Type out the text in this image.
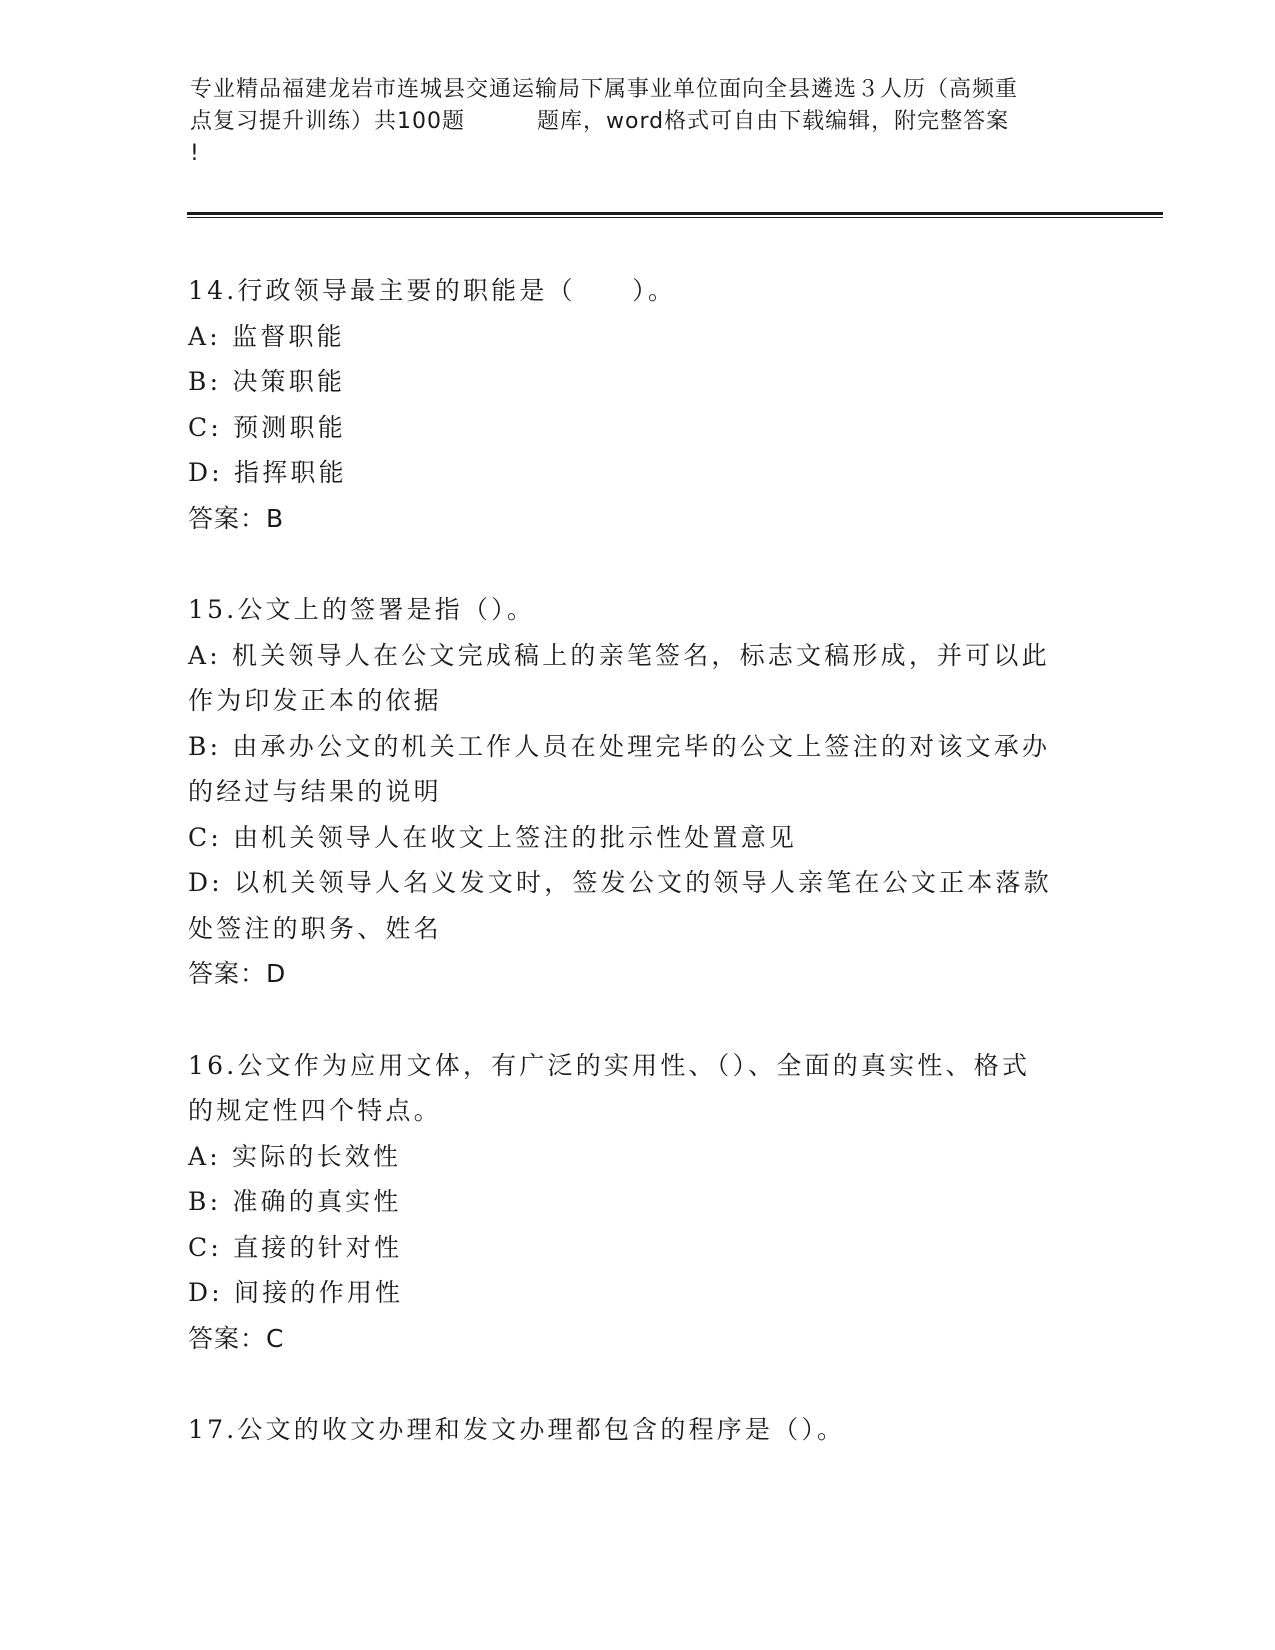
专业精品福建龙岩市连城县交通运输局下属事业单位面向全县遴选３人历（高频重
点复习提升训练）共100题	题库，word格式可自由下载编辑，附完整答案
!
14.行政领导最主要的职能是（　　）。
A: 监督职能
B: 决策职能
C: 预测职能
D: 指挥职能
答案：B
15.公文上的签署是指（）。
A: 机关领导人在公文完成稿上的亲笔签名，标志文稿形成，并可以此
作为印发正本的依据
B: 由承办公文的机关工作人员在处理完毕的公文上签注的对该文承办
的经过与结果的说明
C: 由机关领导人在收文上签注的批示性处置意见
D: 以机关领导人名义发文时，签发公文的领导人亲笔在公文正本落款
处签注的职务、姓名
答案：D
16.公文作为应用文体，有广泛的实用性、（）、全面的真实性、格式
的规定性四个特点。
A: 实际的长效性
B: 准确的真实性
C: 直接的针对性
D: 间接的作用性
答案：C
17.公文的收文办理和发文办理都包含的程序是（）。
